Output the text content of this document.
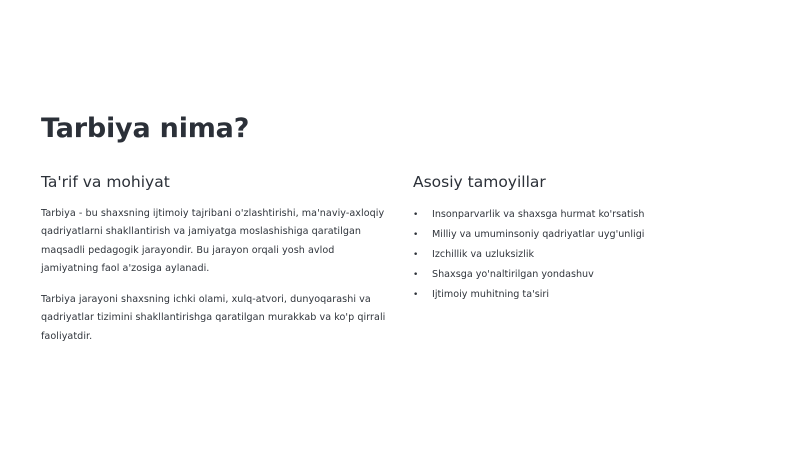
Tarbiya nima?
Ta'rif va mohiyat

Tarbiya - bu shaxsning ijtimoiy tajribani o'zlashtirishi, ma'naviy-axloqiy qadriyatlarni shakllantirish va jamiyatga moslashishiga qaratilgan maqsadli pedagogik jarayondir. Bu jarayon orqali yosh avlod jamiyatning faol a'zosiga aylanadi.

Tarbiya jarayoni shaxsning ichki olami, xulq-atvori, dunyoqarashi va qadriyatlar tizimini shakllantirishga qaratilgan murakkab va ko'p qirrali faoliyatdir.

Asosiy tamoyillar
• Insonparvarlik va shaxsga hurmat ko'rsatish
• Milliy va umuminsoniy qadriyatlar uyg'unligi
• Izchillik va uzluksizlik
• Shaxsga yo'naltirilgan yondashuv
• Ijtimoiy muhitning ta'siri
